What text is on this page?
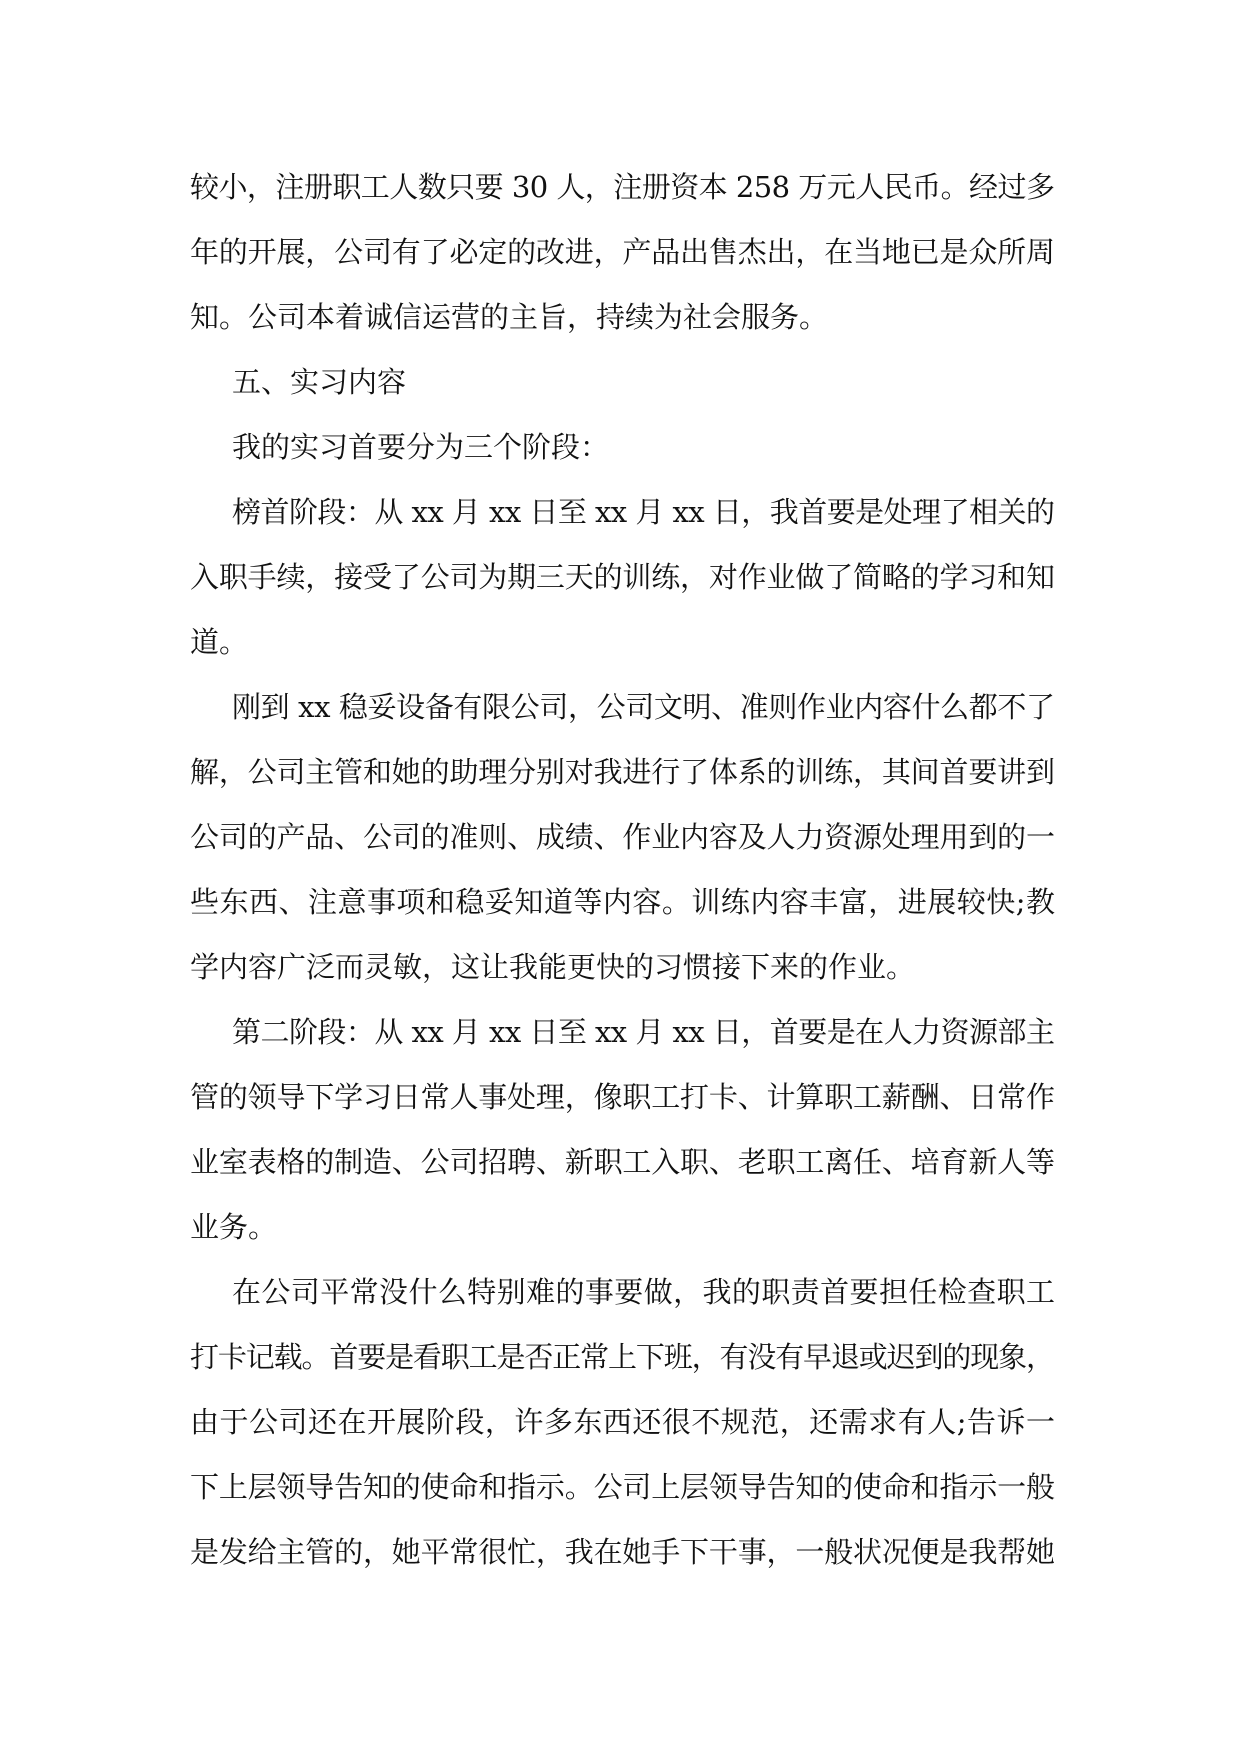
较小，注册职工人数只要 30 人，注册资本 258 万元人民币。经过多
年的开展，公司有了必定的改进，产品出售杰出，在当地已是众所周
知。公司本着诚信运营的主旨，持续为社会服务。
五、实习内容
我的实习首要分为三个阶段：
榜首阶段：从 xx 月 xx 日至 xx 月 xx 日，我首要是处理了相关的
入职手续，接受了公司为期三天的训练，对作业做了简略的学习和知
道。
刚到 xx 稳妥设备有限公司，公司文明、准则作业内容什么都不了
解，公司主管和她的助理分别对我进行了体系的训练，其间首要讲到
公司的产品、公司的准则、成绩、作业内容及人力资源处理用到的一
些东西、注意事项和稳妥知道等内容。训练内容丰富，进展较快;教
学内容广泛而灵敏，这让我能更快的习惯接下来的作业。
第二阶段：从 xx 月 xx 日至 xx 月 xx 日，首要是在人力资源部主
管的领导下学习日常人事处理，像职工打卡、计算职工薪酬、日常作
业室表格的制造、公司招聘、新职工入职、老职工离任、培育新人等
业务。
在公司平常没什么特别难的事要做，我的职责首要担任检查职工
打卡记载。首要是看职工是否正常上下班，有没有早退或迟到的现象，
由于公司还在开展阶段，许多东西还很不规范，还需求有人;告诉一
下上层领导告知的使命和指示。公司上层领导告知的使命和指示一般
是发给主管的，她平常很忙，我在她手下干事，一般状况便是我帮她
